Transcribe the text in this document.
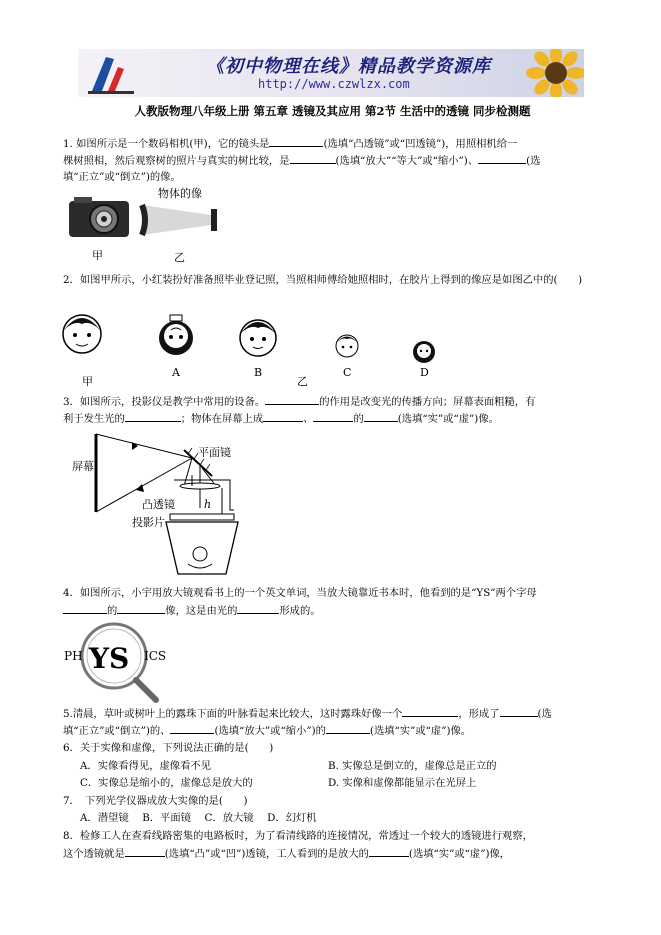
《初中物理在线》精品教学资源库
http://www.czwlzx.com
人教版物理八年级上册 第五章 透镜及其应用 第2节 生活中的透镜 同步检测题
1. 如图所示是一个数码相机(甲)，它的镜头是	(选填“凸透镜”或“凹透镜”)，用照相机给一
棵树照相，然后观察树的照片与真实的树比较，是	(选填“放大”“等大”或“缩小”)、	(选
填“正立”或“倒立”)的像。
物体的像
甲	乙
2．如图甲所示，小红装扮好准备照毕业登记照，当照相师傅给她照相时，在胶片上得到的像应是如图乙中的(　　)
A	B	C	D
甲	乙
3．如图所示，投影仪是教学中常用的设备。	的作用是改变光的传播方向；屏幕表面粗糙，有
利于发生光的	；物体在屏幕上成	、	的	(选填“实”或“虚”)像。
屏幕
平面镜
凸透镜
投影片
h
4．如图所示，小宇用放大镜观看书上的一个英文单词，当放大镜靠近书本时，他看到的是“YS”两个字母
的	像，这是由光的	形成的。
PH YS ICS
5.清晨，草叶或树叶上的露珠下面的叶脉看起来比较大，这时露珠好像一个	，形成了	(选
填“正立”或“倒立”)的、	(选填“放大”或“缩小”)的	(选填“实”或“虚”)像。
6．关于实像和虚像，下列说法正确的是(　　)
A．实像看得见，虚像看不见	B. 实像总是倒立的，虚像总是正立的
C．实像总是缩小的，虚像总是放大的	D. 实像和虚像都能显示在光屏上
7．　下列光学仪器成放大实像的是(　　)
A．潜望镜　 B．平面镜　 C．放大镜　 D．幻灯机
8．检修工人在查看线路密集的电路板时，为了看清线路的连接情况，常透过一个较大的透镜进行观察，
这个透镜就是	(选填“凸”或“凹”)透镜，工人看到的是放大的	(选填“实”或“虚”)像，
